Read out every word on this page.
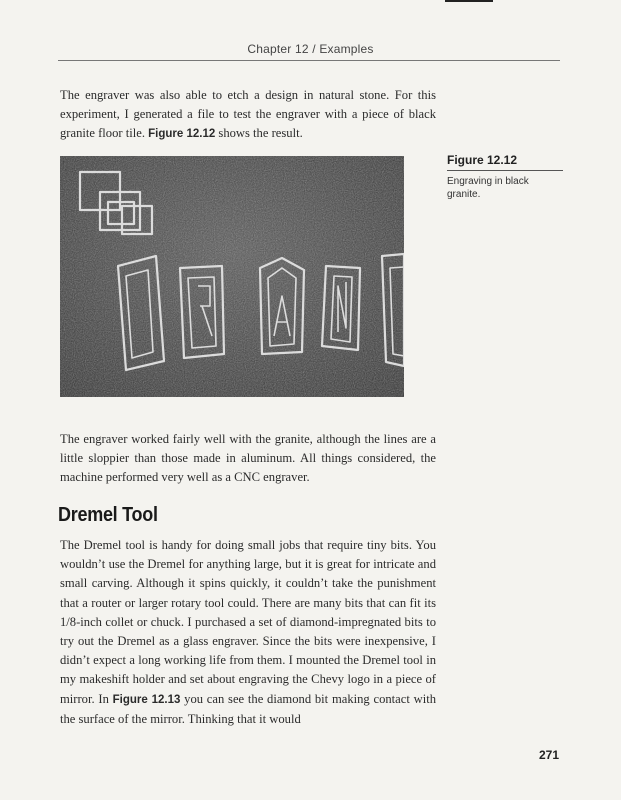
Chapter 12 / Examples

The engraver was also able to etch a design in natural stone. For this experiment, I generated a file to test the engraver with a piece of black granite floor tile. Figure 12.12 shows the result.

Figure 12.12

Engraving in black granite.

The engraver worked fairly well with the granite, although the lines are a little sloppier than those made in aluminum. All things considered, the machine performed very well as a CNC engraver.

Dremel Tool

The Dremel tool is handy for doing small jobs that require tiny bits. You wouldn’t use the Dremel for anything large, but it is great for intricate and small carving. Although it spins quickly, it couldn’t take the punishment that a router or larger rotary tool could. There are many bits that can fit its 1/8-inch collet or chuck. I purchased a set of diamond-impregnated bits to try out the Dremel as a glass engraver. Since the bits were inexpensive, I didn’t expect a long working life from them. I mounted the Dremel tool in my makeshift holder and set about engraving the Chevy logo in a piece of mirror. In Figure 12.13 you can see the diamond bit making contact with the surface of the mirror. Thinking that it would

271
